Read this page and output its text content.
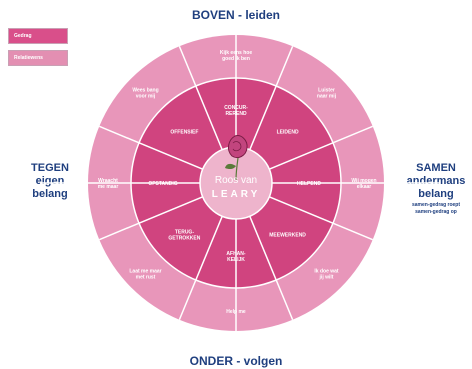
Gedrag
Relatiewens
BOVEN - leiden
ONDER - volgen
TEGEN
eigen
belang
SAMEN
andermans
belang
samen-gedrag roept
samen-gedrag op
CONCUR-
REREND
LEIDEND
HELPEND
MEEWERKEND
AFHAN-
KELIJK
TERUG-
GETROKKEN
OPSTANDIG
OFFENSIEF
Kijk eens hoe
goed ik ben
Luister
naar mij
Wij mogen
elkaar
Ik doe wat
jij wilt
Help me
Laat me maar
met rust
Wraacht
me maar
Wees bang
voor mij
Roos van
LEARY
